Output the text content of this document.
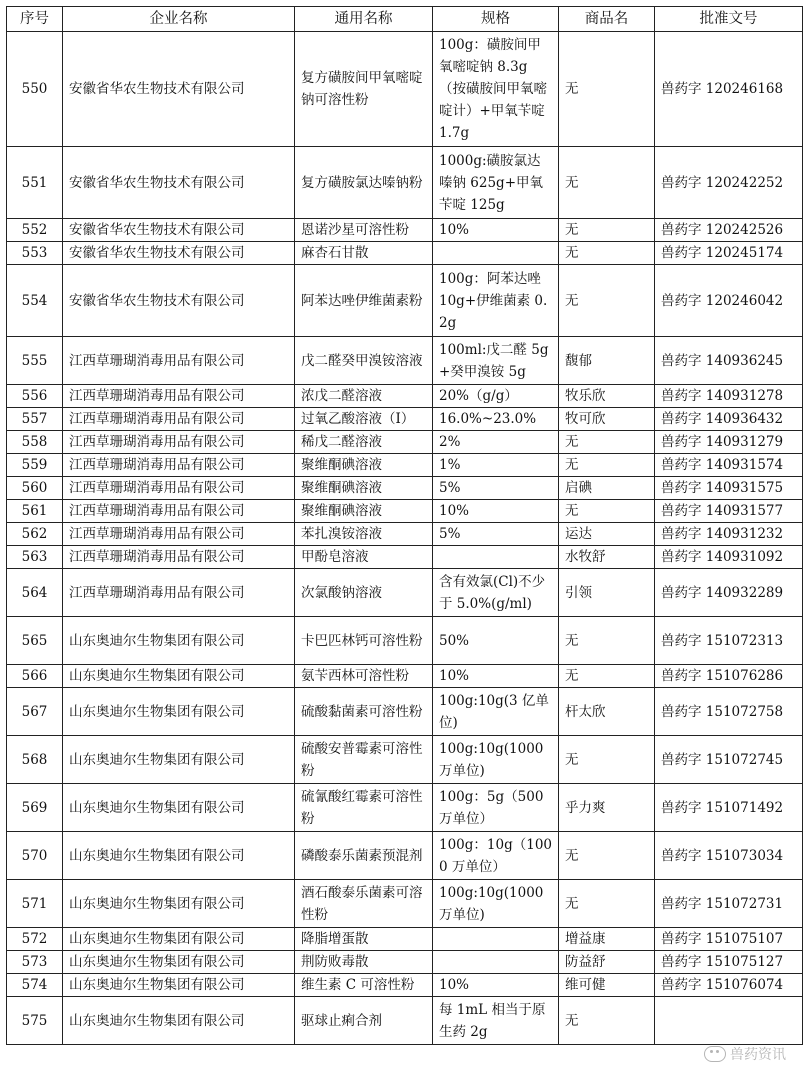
序号	企业名称	通用名称	规格	商品名	批准文号
550	安徽省华农生物技术有限公司	复方磺胺间甲氧嘧啶钠可溶性粉	100g：磺胺间甲氧嘧啶钠 8.3g （按磺胺间甲氧嘧啶计）+甲氧苄啶 1.7g	无	兽药字 120246168
551	安徽省华农生物技术有限公司	复方磺胺氯达嗪钠粉	1000g:磺胺氯达嗪钠 625g+甲氧苄啶 125g	无	兽药字 120242252
552	安徽省华农生物技术有限公司	恩诺沙星可溶性粉	10%	无	兽药字 120242526
553	安徽省华农生物技术有限公司	麻杏石甘散		无	兽药字 120245174
554	安徽省华农生物技术有限公司	阿苯达唑伊维菌素粉	100g：阿苯达唑 10g+伊维菌素 0.2g	无	兽药字 120246042
555	江西草珊瑚消毒用品有限公司	戊二醛癸甲溴铵溶液	100ml:戊二醛 5g+癸甲溴铵 5g	馥郁	兽药字 140936245
556	江西草珊瑚消毒用品有限公司	浓戊二醛溶液	20%（g/g）	牧乐欣	兽药字 140931278
557	江西草珊瑚消毒用品有限公司	过氧乙酸溶液（Ⅰ）	16.0%~23.0%	牧可欣	兽药字 140936432
558	江西草珊瑚消毒用品有限公司	稀戊二醛溶液	2%	无	兽药字 140931279
559	江西草珊瑚消毒用品有限公司	聚维酮碘溶液	1%	无	兽药字 140931574
560	江西草珊瑚消毒用品有限公司	聚维酮碘溶液	5%	启碘	兽药字 140931575
561	江西草珊瑚消毒用品有限公司	聚维酮碘溶液	10%	无	兽药字 140931577
562	江西草珊瑚消毒用品有限公司	苯扎溴铵溶液	5%	运达	兽药字 140931232
563	江西草珊瑚消毒用品有限公司	甲酚皂溶液		水牧舒	兽药字 140931092
564	江西草珊瑚消毒用品有限公司	次氯酸钠溶液	含有效氯(Cl)不少于 5.0%(g/ml)	引领	兽药字 140932289
565	山东奥迪尔生物集团有限公司	卡巴匹林钙可溶性粉	50%	无	兽药字 151072313
566	山东奥迪尔生物集团有限公司	氨苄西林可溶性粉	10%	无	兽药字 151076286
567	山东奥迪尔生物集团有限公司	硫酸黏菌素可溶性粉	100g:10g(3 亿单位)	杆太欣	兽药字 151072758
568	山东奥迪尔生物集团有限公司	硫酸安普霉素可溶性粉	100g:10g(1000 万单位)	无	兽药字 151072745
569	山东奥迪尔生物集团有限公司	硫氰酸红霉素可溶性粉	100g：5g（500 万单位）	乎力爽	兽药字 151071492
570	山东奥迪尔生物集团有限公司	磷酸泰乐菌素预混剂	100g：10g（1000 万单位）	无	兽药字 151073034
571	山东奥迪尔生物集团有限公司	酒石酸泰乐菌素可溶性粉	100g:10g(1000 万单位)	无	兽药字 151072731
572	山东奥迪尔生物集团有限公司	降脂增蛋散		增益康	兽药字 151075107
573	山东奥迪尔生物集团有限公司	荆防败毒散		防益舒	兽药字 151075127
574	山东奥迪尔生物集团有限公司	维生素 C 可溶性粉	10%	维可健	兽药字 151076074
575	山东奥迪尔生物集团有限公司	驱球止痢合剂	每 1mL 相当于原生药 2g	无	
兽药资讯
